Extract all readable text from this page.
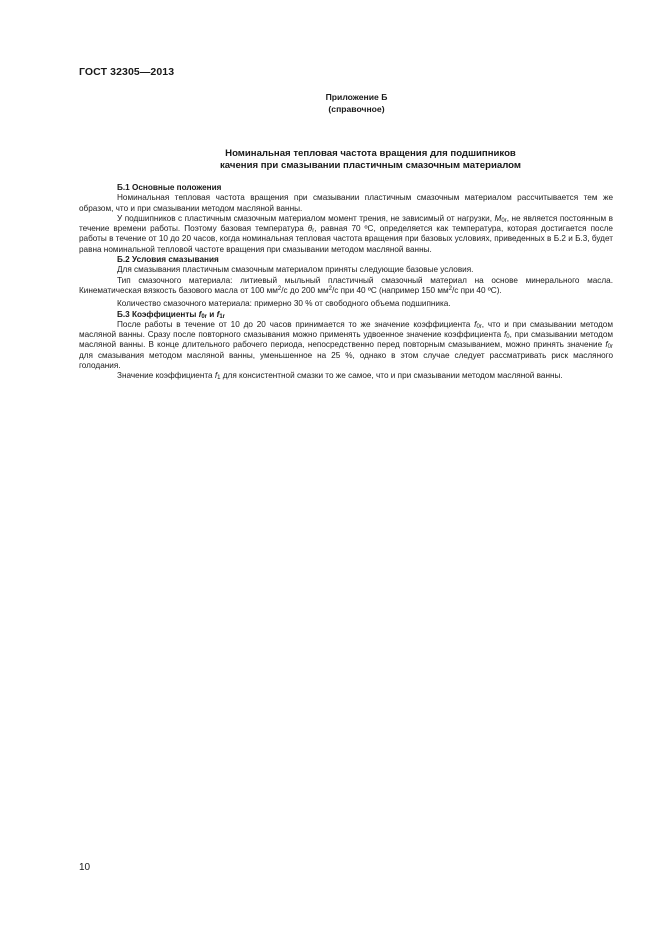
ГОСТ 32305—2013
Приложение Б
(справочное)
Номинальная тепловая частота вращения для подшипников
качения при смазывании пластичным смазочным материалом

Б.1 Основные положения

Номинальная тепловая частота вращения при смазывании пластичным смазочным материалом рассчитывается тем же образом, что и при смазывании методом масляной ванны.

У подшипников с пластичным смазочным материалом момент трения, не зависимый от нагрузки, $M_{0r}$, не является постоянным в течение времени работы. Поэтому базовая температура $\theta_r$, равная 70 ºС, определяется как температура, которая достигается после работы в течение от 10 до 20 часов, когда номинальная тепловая частота вращения при базовых условиях, приведенных в Б.2 и Б.3, будет равна номинальной тепловой частоте вращения при смазывании методом масляной ванны.

Б.2 Условия смазывания

Для смазывания пластичным смазочным материалом приняты следующие базовые условия.

Тип смазочного материала: литиевый мыльный пластичный смазочный материал на основе минерального масла. Кинематическая вязкость базового масла от 100 $мм^2/с$ до 200 $мм^2/с$ при 40 ºС (например 150 $мм^2/с$ при 40 ºС).

Количество смазочного материала: примерно 30 % от свободного объема подшипника.

Б.3 Коэффициенты $f_{0r}$ и $f_{1r}$

После работы в течение от 10 до 20 часов принимается то же значение коэффициента $f_{0r}$, что и при смазывании методом масляной ванны. Сразу после повторного смазывания можно применять удвоенное значение коэффициента $f_0$, при смазывании методом масляной ванны. В конце длительного рабочего периода, непосредственно перед повторным смазыванием, можно принять значение $f_{0r}$ для смазывания методом масляной ванны, уменьшенное на 25 %, однако в этом случае следует рассматривать риск масляного голодания.

Значение коэффициента $f_1$ для консистентной смазки то же самое, что и при смазывании методом масляной ванны.

10
